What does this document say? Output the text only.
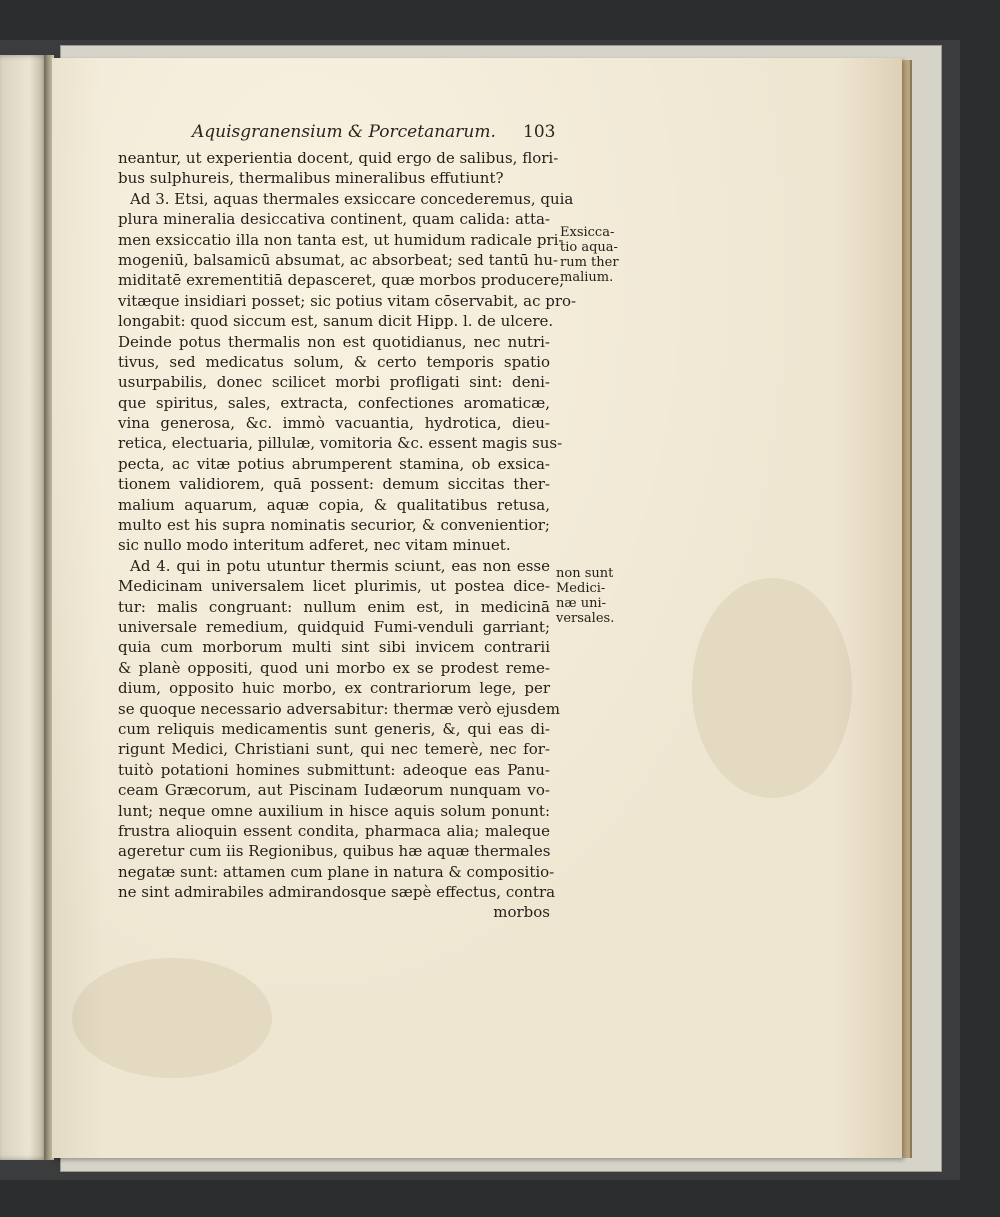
Aquisgranensium & Porcetanarum.	103
neantur, ut experientia docent, quid ergo de salibus, flori-
bus sulphureis, thermalibus mineralibus effutiunt?
Ad 3. Etsi, aquas thermales exsiccare concederemus, quia
plura mineralia desiccativa continent, quam calida: atta-
men exsiccatio illa non tanta est, ut humidum radicale pri-
mogeniū, balsamicū absumat, ac absorbeat; sed tantū hu-
miditatē exrementitiā depasceret, quæ morbos producere,
vitæque insidiari posset; sic potius vitam cōservabit, ac pro-
longabit: quod siccum est, sanum dicit Hipp. l. de ulcere.
Deinde potus thermalis non est quotidianus, nec nutri-
tivus, sed medicatus solum, & certo temporis spatio
usurpabilis, donec scilicet morbi profligati sint: deni-
que spiritus, sales, extracta, confectiones aromaticæ,
vina generosa, &c. immò vacuantia, hydrotica, dieu-
retica, electuaria, pillulæ, vomitoria &c. essent magis sus-
pecta, ac vitæ potius abrumperent stamina, ob exsica-
tionem validiorem, quā possent: demum siccitas ther-
malium aquarum, aquæ copia, & qualitatibus retusa,
multo est his supra nominatis securior, & convenientior;
sic nullo modo interitum adferet, nec vitam minuet.
Ad 4. qui in potu utuntur thermis sciunt, eas non esse
Medicinam universalem licet plurimis, ut postea dice-
tur: malis congruant: nullum enim est, in medicinā
universale remedium, quidquid Fumi-venduli garriant;
quia cum morborum multi sint sibi invicem contrarii
& planè oppositi, quod uni morbo ex se prodest reme-
dium, opposito huic morbo, ex contrariorum lege, per
se quoque necessario adversabitur: thermæ verò ejusdem
cum reliquis medicamentis sunt generis, &, qui eas di-
rigunt Medici, Christiani sunt, qui nec temerè, nec for-
tuitò potationi homines submittunt: adeoque eas Panu-
ceam Græcorum, aut Piscinam Iudæorum nunquam vo-
lunt; neque omne auxilium in hisce aquis solum ponunt:
frustra alioquin essent condita, pharmaca alia; maleque
ageretur cum iis Regionibus, quibus hæ aquæ thermales
negatæ sunt: attamen cum plane in natura & compositio-
ne sint admirabiles admirandosque sæpè effectus, contra
morbos
Exsicca-
tio aqua-
rum ther
malium.
non sunt
Medici-
næ uni-
versales.
